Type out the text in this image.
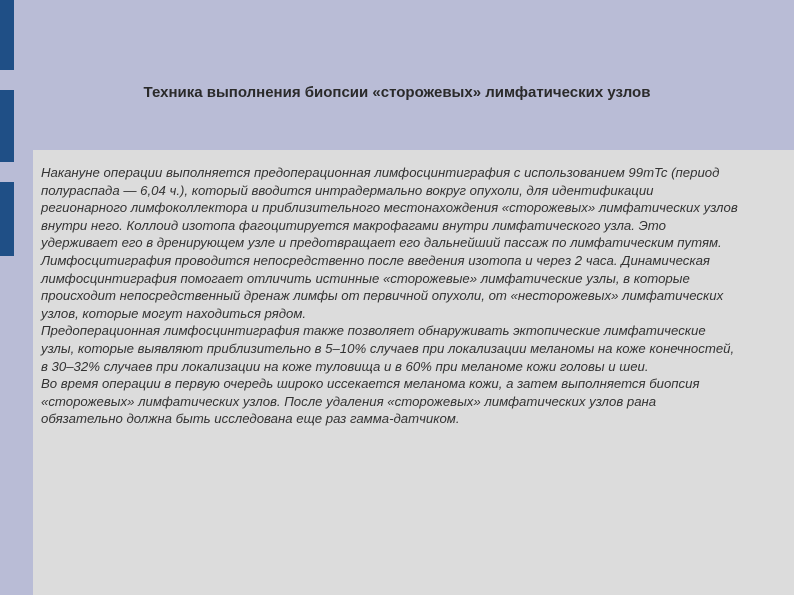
Техника выполнения биопсии «сторожевых» лимфатических узлов

Накануне операции выполняется предоперационная лимфосцинтиграфия с использованием 99mTc (период полураспада — 6,04 ч.), который вводится интрадермально вокруг опухоли, для идентификации регионарного лимфоколлектора и приблизительного местонахождения «сторожевых» лимфатических узлов внутри него. Коллоид изотопа фагоцитируется макрофагами внутри лимфатического узла. Это удерживает его в дренирующем узле и предотвращает его дальнейший пассаж по лимфатическим путям.

Лимфосцитиграфия проводится непосредственно после введения изотопа и через 2 часа. Динамическая лимфосцинтиграфия помогает отличить истинные «сторожевые» лимфатические узлы, в которые происходит непосредственный дренаж лимфы от первичной опухоли, от «несторожевых» лимфатических узлов, которые могут находиться рядом.

Предоперационная лимфосцинтиграфия также позволяет обнаруживать эктопические лимфатические узлы, которые выявляют приблизительно в 5–10% случаев при локализации меланомы на коже конечностей, в 30–32% случаев при локализации на коже туловища и в 60% при меланоме кожи головы и шеи.

Во время операции в первую очередь широко иссекается меланома кожи, а затем выполняется биопсия «сторожевых» лимфатических узлов. После удаления «сторожевых» лимфатических узлов рана обязательно должна быть исследована еще раз гамма-датчиком.
